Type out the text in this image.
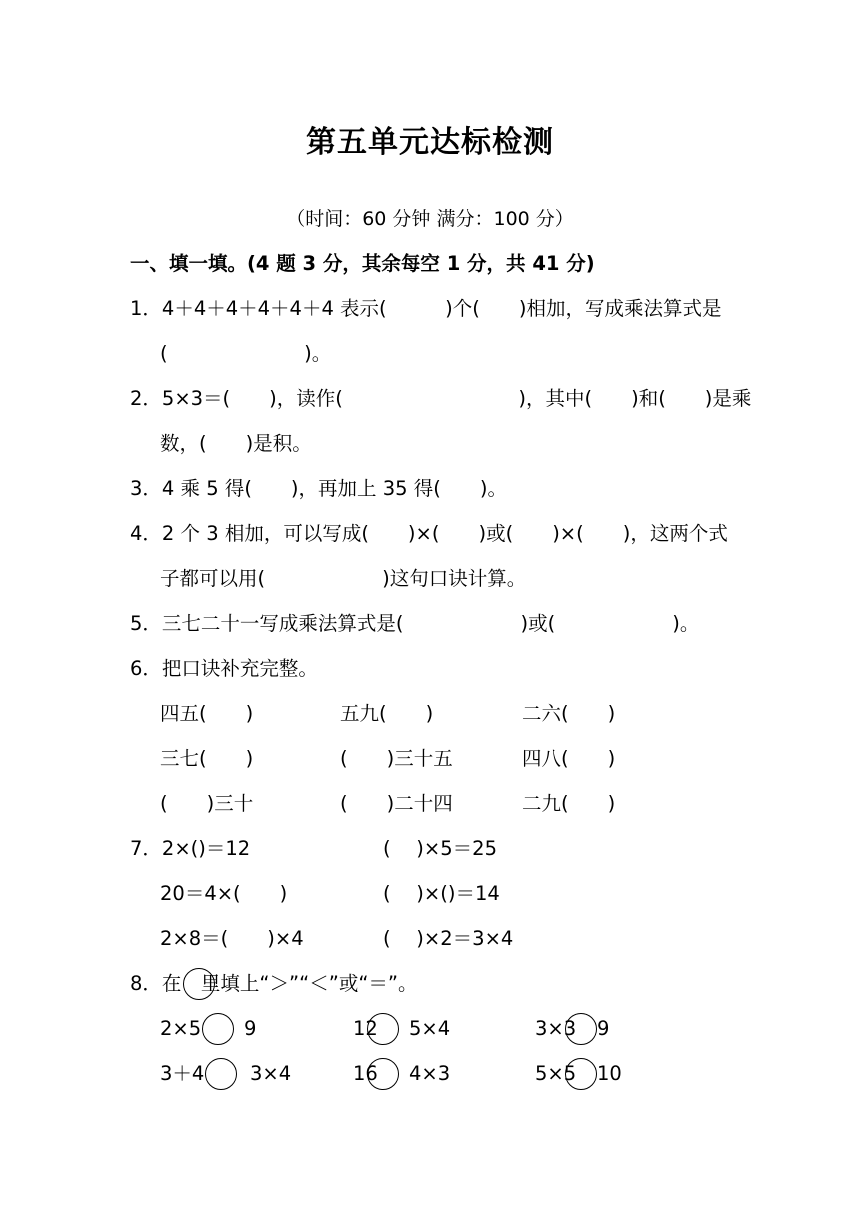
第五单元达标检测
（时间：60 分钟 满分：100 分）
一、填一填。(4 题 3 分，其余每空 1 分，共 41 分)
1．4＋4＋4＋4＋4＋4 表示(　　　)个(　　)相加，写成乘法算式是
(　　　　　　　)。
2．5×3＝(　　)，读作(　　　　　　　　　)，其中(　　)和(　　)是乘
数，(　　)是积。
3．4 乘 5 得(　　)，再加上 35 得(　　)。
4．2 个 3 相加，可以写成(　　)×(　　)或(　　)×(　　)，这两个式
子都可以用(　　　　　　)这句口诀计算。
5．三七二十一写成乘法算式是(　　　　　　)或(　　　　　　)。
6．把口诀补充完整。
四五(　　)	五九(　　)	二六(　　)
三七(　　)	(　　)三十五	四八(　　)
(　　)三十	(　　)二十四	二九(　　)
7．2×()＝12	(　 )×5＝25
20＝4×(　　)	(　 )×()＝14
2×8＝(　　)×4	(　 )×2＝3×4
8．在　里填上“＞”“＜”或“＝”。
2×5 9	12 5×4	3×3 9
3＋4 3×4	16 4×3	5×5 10
